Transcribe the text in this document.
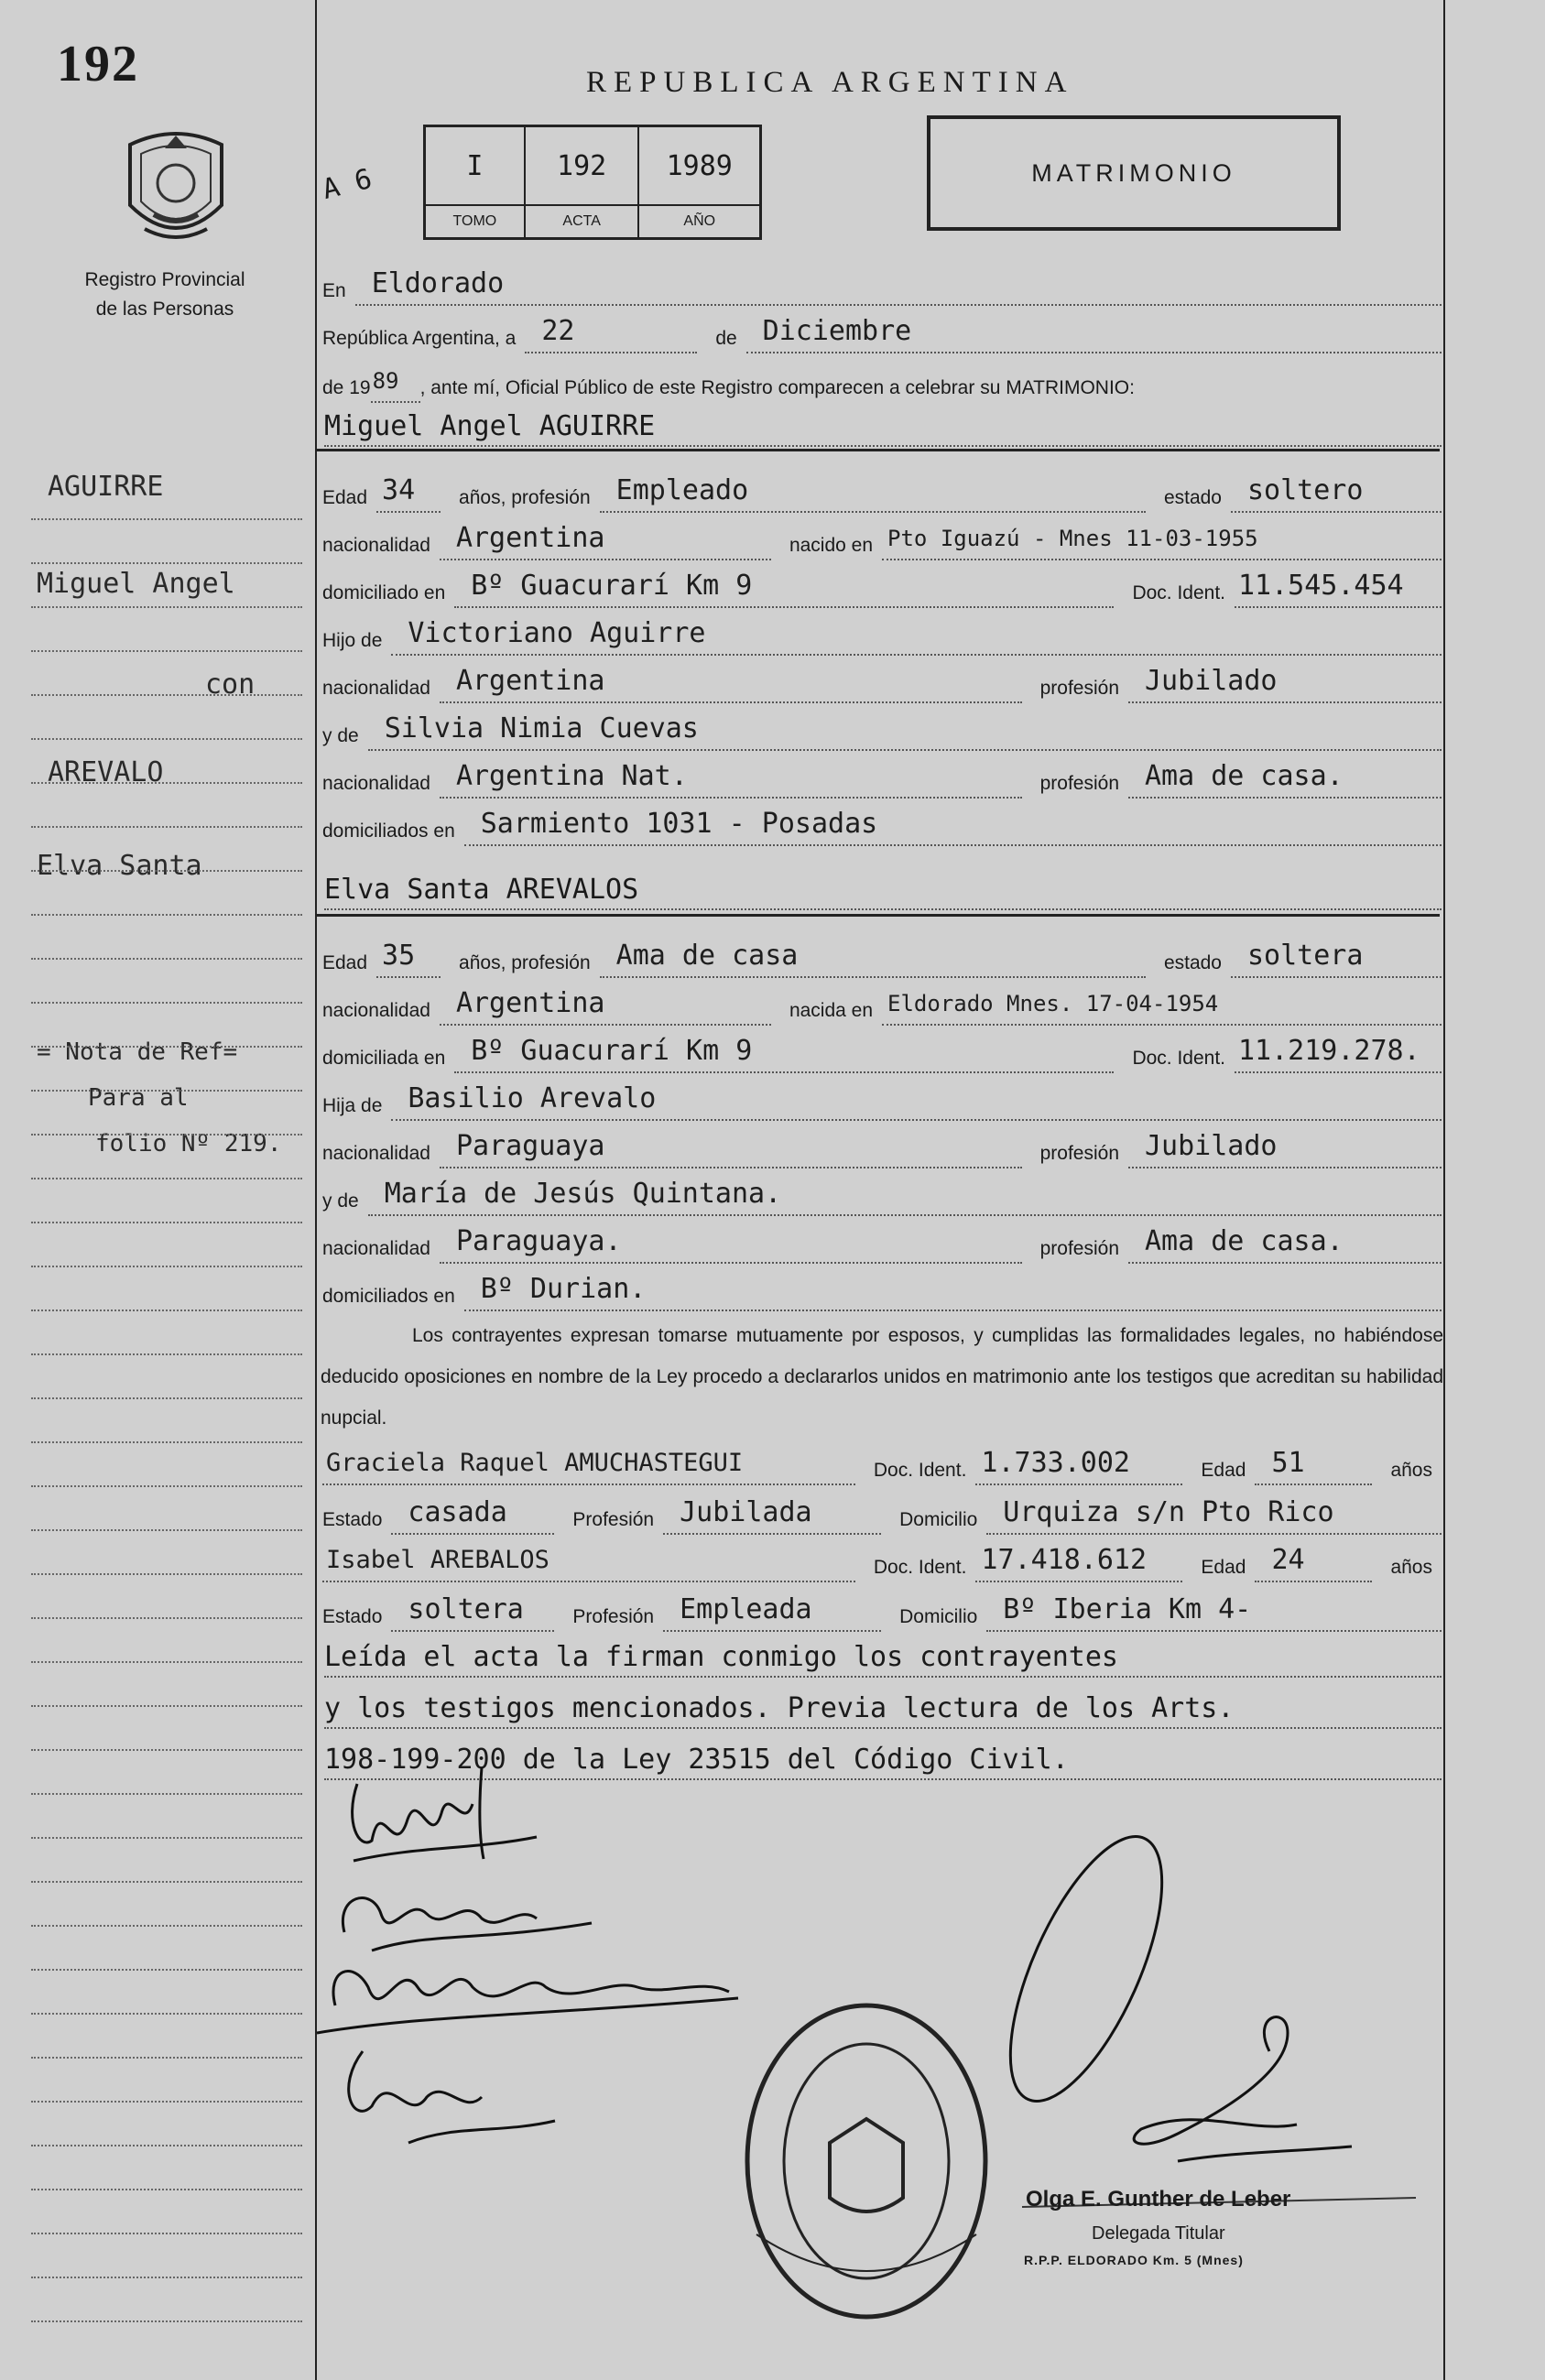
192
Registro Provincial
de las Personas
AGUIRRE
Miguel Angel
con
AREVALO
Elva Santa
= Nota de Ref=
Para al
folio Nº 219.
REPUBLICA ARGENTINA
A 6	I	192	1989
TOMO	ACTA	AÑO
MATRIMONIO
En Eldorado
República Argentina, a 22	de Diciembre
de 19 89	, ante mí, Oficial Público de este Registro comparecen a celebrar su MATRIMONIO:
Miguel Angel AGUIRRE
Edad 34	años, profesión Empleado	estado soltero
nacionalidad Argentina	nacido en Pto Iguazú - Mnes 11-03-1955
domiciliado en Bº Guacurarí Km 9	Doc. Ident. 11.545.454
Hijo de Victoriano Aguirre
nacionalidad Argentina	profesión Jubilado
y de Silvia Nimia Cuevas
nacionalidad Argentina Nat.	profesión Ama de casa.
domiciliados en Sarmiento 1031 - Posadas
Elva Santa AREVALOS
Edad 35	años, profesión Ama de casa	estado soltera
nacionalidad Argentina	nacida en Eldorado Mnes. 17-04-1954
domiciliada en Bº Guacurarí Km 9	Doc. Ident. 11.219.278.
Hija de Basilio Arevalo
nacionalidad Paraguaya	profesión Jubilado
y de María de Jesús Quintana.
nacionalidad Paraguaya.	profesión Ama de casa.
domiciliados en Bº Durian.
Los contrayentes expresan tomarse mutuamente por esposos, y cumplidas las formalidades legales, no habiéndose deducido oposiciones en nombre de la Ley procedo a declararlos unidos en matrimonio ante los testigos que acreditan su habilidad nupcial.
Graciela Raquel AMUCHASTEGUI	Doc. Ident. 1.733.002	Edad 51	años
Estado casada	Profesión Jubilada	Domicilio Urquiza s/n Pto Rico
Isabel AREBALOS	Doc. Ident. 17.418.612	Edad 24	años
Estado soltera	Profesión Empleada	Domicilio Bº Iberia Km 4-
Leída el acta la firman conmigo los contrayentes
y los testigos mencionados. Previa lectura de los Arts.
198-199-200 de la Ley 23515 del Código Civil.
Olga E. Gunther de Leber
Delegada Titular
R.P.P. ELDORADO Km. 5 (Mnes)
